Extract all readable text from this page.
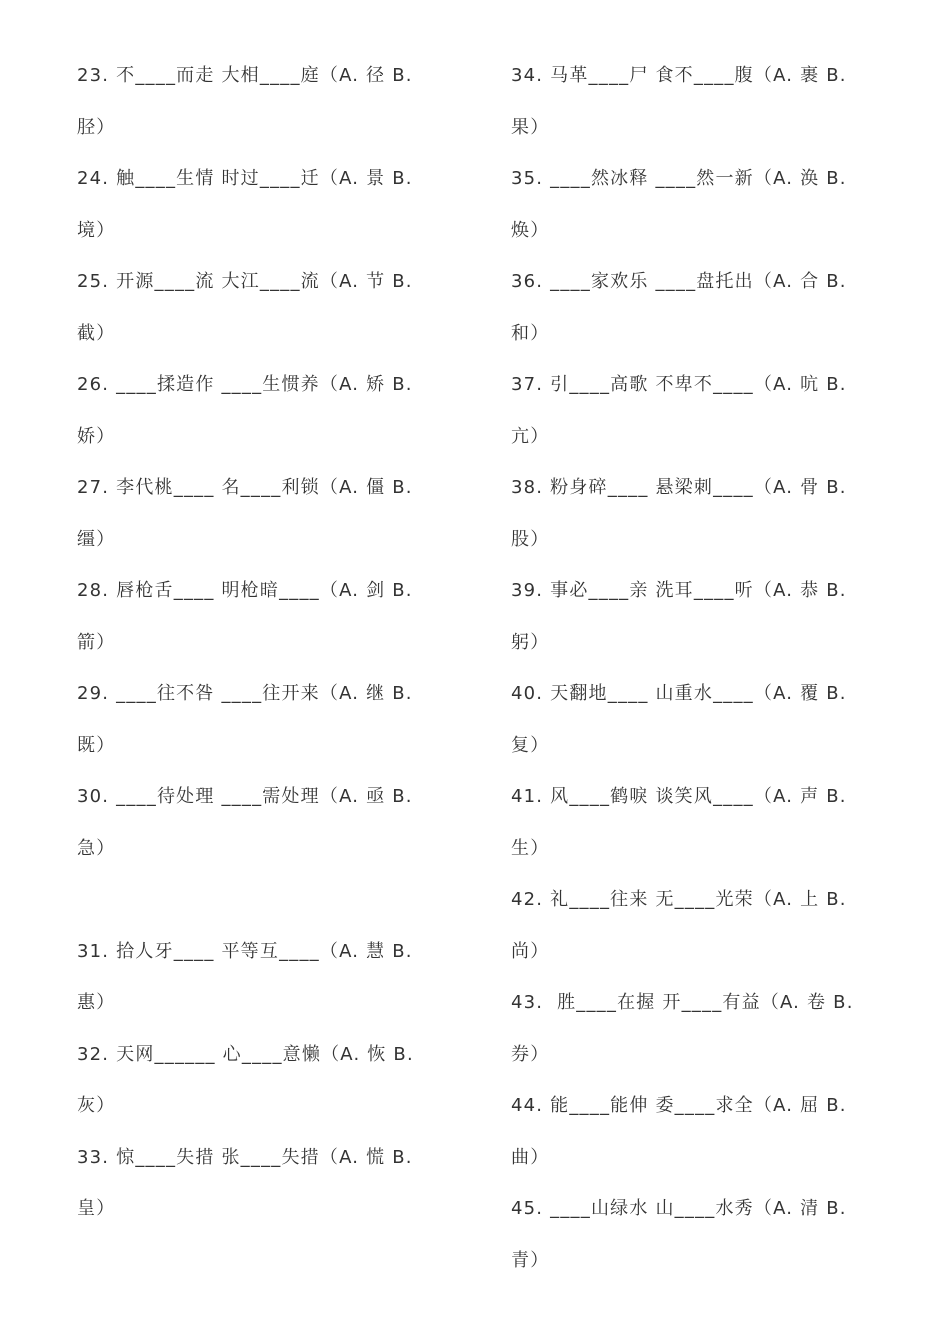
23. 不____而走 大相____庭（A. 径 B.
胫）
24. 触____生情 时过____迁（A. 景 B.
境）
25. 开源____流 大江____流（A. 节 B.
截）
26. ____揉造作 ____生惯养（A. 矫 B.
娇）
27. 李代桃____ 名____利锁（A. 僵 B.
缰）
28. 唇枪舌____ 明枪暗____（A. 剑 B.
箭）
29. ____往不咎 ____往开来（A. 继 B.
既）
30. ____待处理 ____需处理（A. 亟 B.
急）
31. 拾人牙____ 平等互____（A. 慧 B.
惠）
32. 天网______ 心____意懒（A. 恢 B.
灰）
33. 惊____失措 张____失措（A. 慌 B.
皇）
34. 马革____尸 食不____腹（A. 裹 B.
果）
35. ____然冰释 ____然一新（A. 涣 B.
焕）
36. ____家欢乐 ____盘托出（A. 合 B.
和）
37. 引____高歌 不卑不____（A. 吭 B.
亢）
38. 粉身碎____ 悬梁刺____（A. 骨 B.
股）
39. 事必____亲 洗耳____听（A. 恭 B.
躬）
40. 天翻地____ 山重水____（A. 覆 B.
复）
41. 风____鹤唳 谈笑风____（A. 声 B.
生）
42. 礼____往来 无____光荣（A. 上 B.
尚）
43.  胜____在握 开____有益（A. 卷 B.
券）
44. 能____能伸 委____求全（A. 屈 B.
曲）
45. ____山绿水 山____水秀（A. 清 B.
青）
